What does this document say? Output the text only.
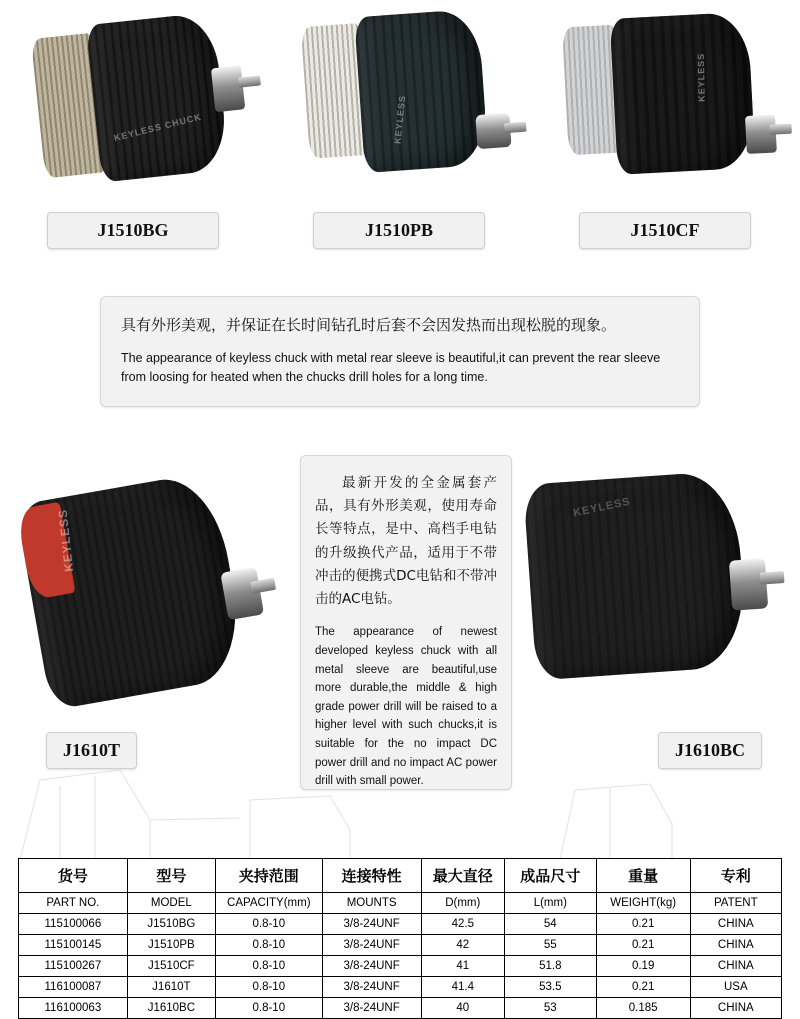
KEYLESS CHUCK
J1510BG
KEYLESS
J1510PB
KEYLESS
J1510CF
具有外形美观，并保证在长时间钻孔时后套不会因发热而出现松脱的现象。
The appearance of keyless chuck with metal rear sleeve is beautiful,it can prevent the rear sleeve from loosing for heated when the chucks drill holes for a long time.
KEYLESS
J1610T

最新开发的全金属套产品，具有外形美观，使用寿命长等特点，是中、高档手电钻的升级换代产品，适用于不带冲击的便携式DC电钻和不带冲击的AC电钻。

The appearance of newest developed keyless chuck with all metal sleeve are beautiful,use more durable,the middle & high grade power drill will be raised to a higher level with such chucks,it is suitable for the no impact DC power drill and no impact AC power drill with small power.

KEYLESS
J1610BC
货号	型号	夹持范围	连接特性	最大直径	成品尺寸	重量	专利
PART NO.	MODEL	CAPACITY(mm)	MOUNTS	D(mm)	L(mm)	WEIGHT(kg)	PATENT
115100066	J1510BG	0.8-10	3/8-24UNF	42.5	54	0.21	CHINA
115100145	J1510PB	0.8-10	3/8-24UNF	42	55	0.21	CHINA
115100267	J1510CF	0.8-10	3/8-24UNF	41	51.8	0.19	CHINA
116100087	J1610T	0.8-10	3/8-24UNF	41.4	53.5	0.21	USA
116100063	J1610BC	0.8-10	3/8-24UNF	40	53	0.185	CHINA
